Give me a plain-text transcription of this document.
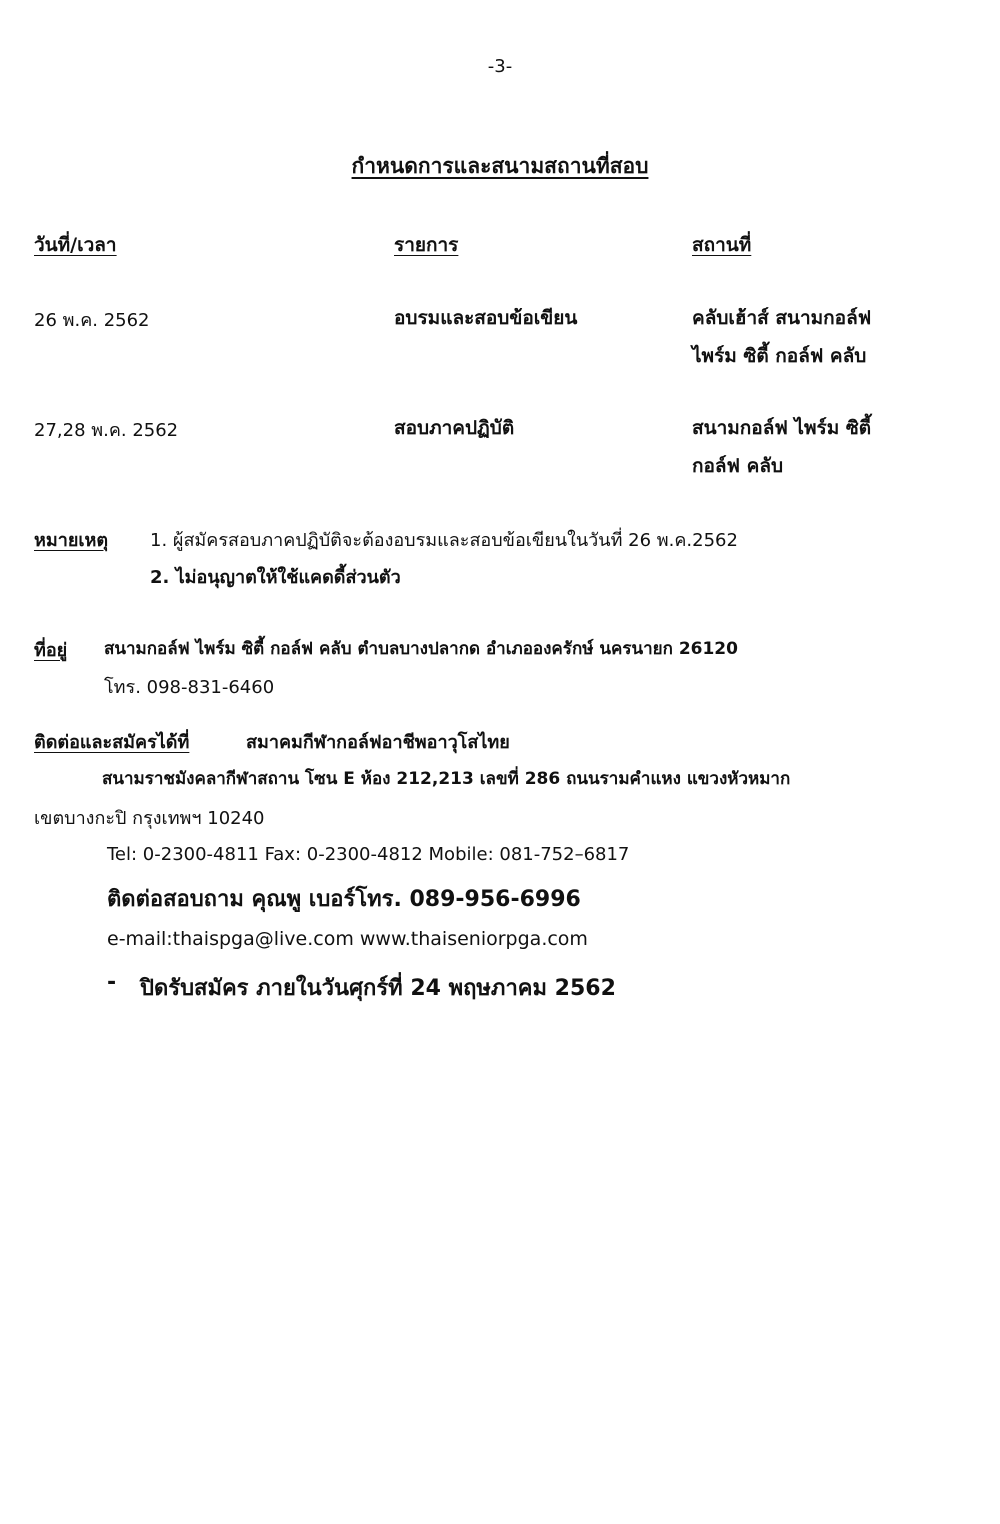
-3-
กำหนดการและสนามสถานที่สอบ
วันที่/เวลา	รายการ	สถานที่
26 พ.ค. 2562	อบรมและสอบข้อเขียน	คลับเฮ้าส์ สนามกอล์ฟ
ไพร์ม ซิตี้ กอล์ฟ คลับ
27,28 พ.ค. 2562	สอบภาคปฏิบัติ	สนามกอล์ฟ ไพร์ม ซิตี้
กอล์ฟ คลับ
หมายเหตุ 1. ผู้สมัครสอบภาคปฏิบัติจะต้องอบรมและสอบข้อเขียนในวันที่ 26 พ.ค.2562
2. ไม่อนุญาตให้ใช้แคดดี้ส่วนตัว
ที่อยู่ สนามกอล์ฟ ไพร์ม ซิตี้ กอล์ฟ คลับ ตำบลบางปลากด อำเภอองครักษ์ นครนายก 26120
โทร. 098-831-6460
ติดต่อและสมัครได้ที่	สมาคมกีฬากอล์ฟอาชีพอาวุโสไทย
สนามราชมังคลากีฬาสถาน โซน E ห้อง 212,213 เลขที่ 286 ถนนรามคำแหง แขวงหัวหมาก
เขตบางกะปิ กรุงเทพฯ 10240
Tel: 0-2300-4811 Fax: 0-2300-4812 Mobile: 081-752–6817
ติดต่อสอบถาม คุณพู เบอร์โทร. 089-956-6996
e-mail:thaispga@live.com www.thaiseniorpga.com
- ปิดรับสมัคร ภายในวันศุกร์ที่ 24 พฤษภาคม 2562
